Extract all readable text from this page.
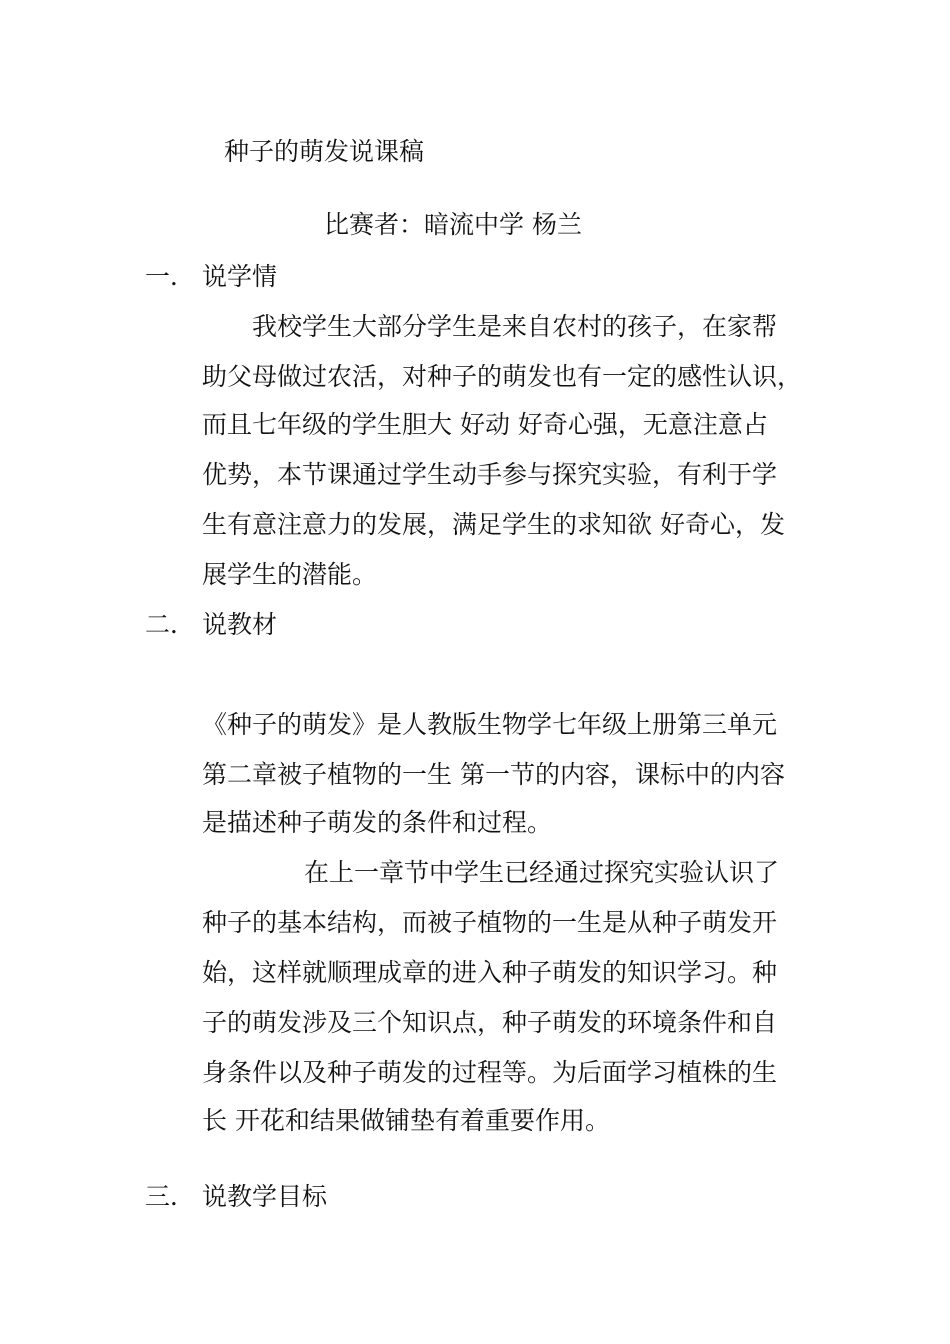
种子的萌发说课稿
比赛者：暗流中学 杨兰
一． 说学情
我校学生大部分学生是来自农村的孩子，在家帮
助父母做过农活，对种子的萌发也有一定的感性认识，
而且七年级的学生胆大 好动 好奇心强，无意注意占
优势，本节课通过学生动手参与探究实验，有利于学
生有意注意力的发展，满足学生的求知欲 好奇心，发
展学生的潜能。
二． 说教材
《种子的萌发》是人教版生物学七年级上册第三单元
第二章被子植物的一生 第一节的内容，课标中的内容
是描述种子萌发的条件和过程。
在上一章节中学生已经通过探究实验认识了
种子的基本结构，而被子植物的一生是从种子萌发开
始，这样就顺理成章的进入种子萌发的知识学习。种
子的萌发涉及三个知识点，种子萌发的环境条件和自
身条件以及种子萌发的过程等。为后面学习植株的生
长 开花和结果做铺垫有着重要作用。
三． 说教学目标
